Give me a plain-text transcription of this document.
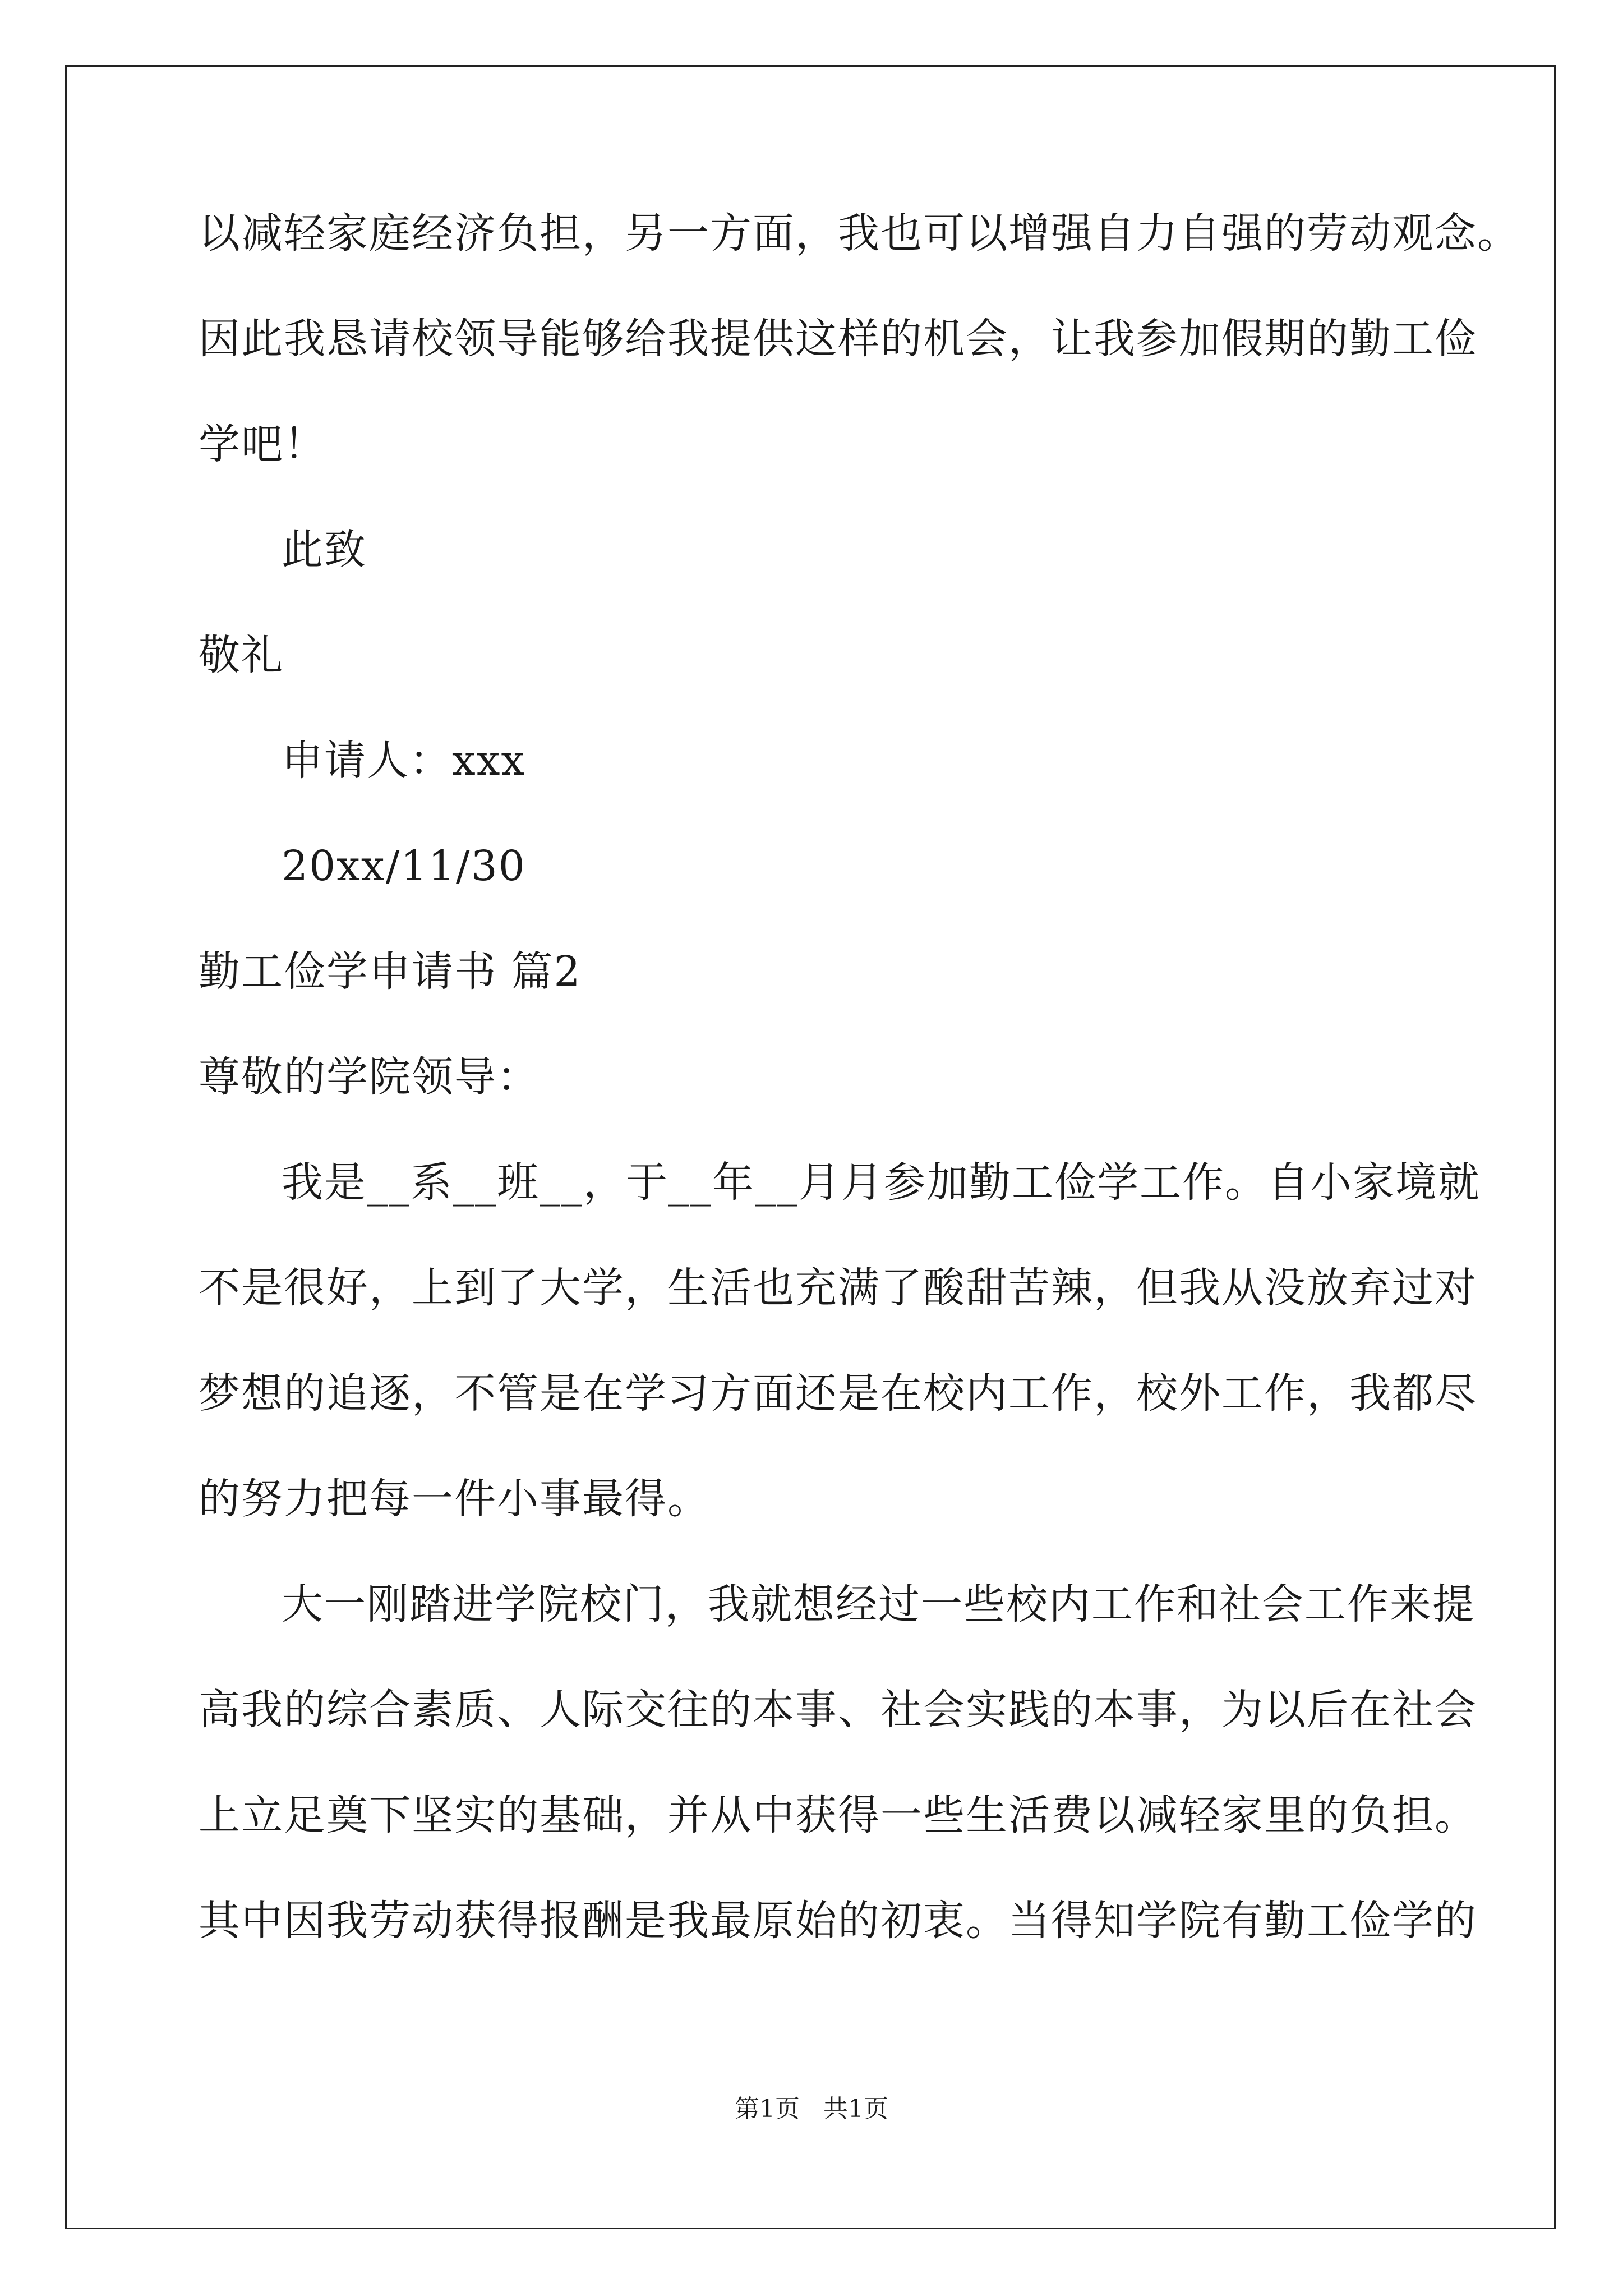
以减轻家庭经济负担，另一方面，我也可以增强自力自强的劳动观念。
因此我恳请校领导能够给我提供这样的机会，让我参加假期的勤工俭
学吧！
此致
敬礼
申请人：xxx
20xx/11/30
勤工俭学申请书 篇2
尊敬的学院领导：
我是__系__班__，于__年__月月参加勤工俭学工作。自小家境就
不是很好，上到了大学，生活也充满了酸甜苦辣，但我从没放弃过对
梦想的追逐，不管是在学习方面还是在校内工作，校外工作，我都尽
的努力把每一件小事最得。
大一刚踏进学院校门，我就想经过一些校内工作和社会工作来提
高我的综合素质、人际交往的本事、社会实践的本事，为以后在社会
上立足奠下坚实的基础，并从中获得一些生活费以减轻家里的负担。
其中因我劳动获得报酬是我最原始的初衷。当得知学院有勤工俭学的
第1页 共1页
